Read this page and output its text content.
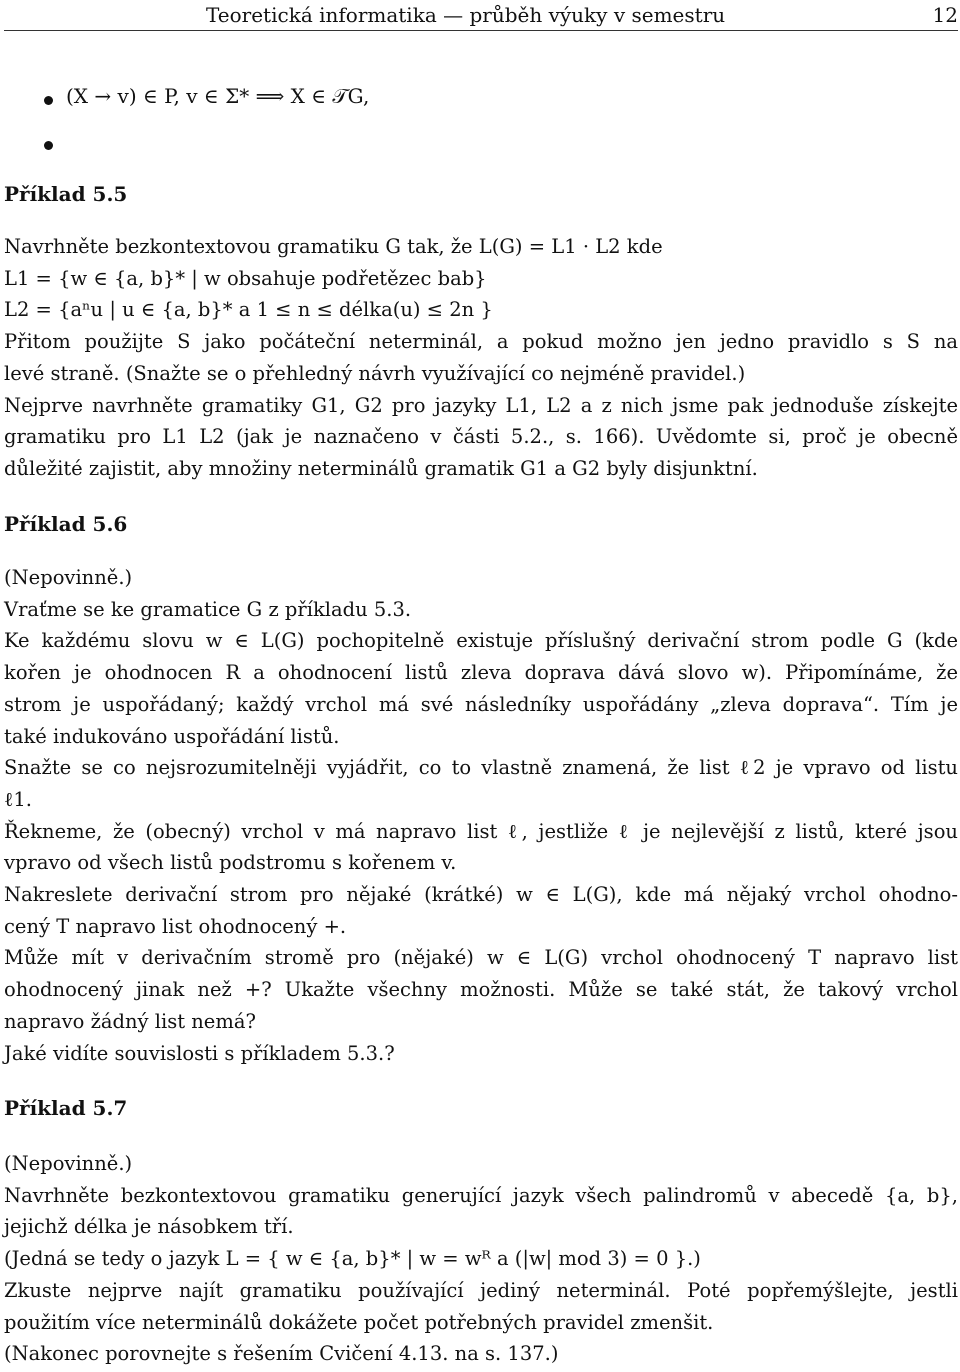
Teoretická informatika — průběh výuky v semestru	12
(X → v) ∈ P, v ∈ Σ* ⟹ X ∈ 𝒯G,
Příklad 5.5
Navrhněte bezkontextovou gramatiku G tak, že L(G) = L1 · L2 kde
L1 = {w ∈ {a, b}* | w obsahuje podřetězec bab}
L2 = {aⁿu | u ∈ {a, b}* a 1 ≤ n ≤ délka(u) ≤ 2n }
Přitom použijte S jako počáteční neterminál, a pokud možno jen jedno pravidlo s S na
levé straně. (Snažte se o přehledný návrh využívající co nejméně pravidel.)
Nejprve navrhněte gramatiky G1, G2 pro jazyky L1, L2 a z nich jsme pak jednoduše získejte
gramatiku pro L1 L2 (jak je naznačeno v části 5.2., s. 166). Uvědomte si, proč je obecně
důležité zajistit, aby množiny neterminálů gramatik G1 a G2 byly disjunktní.
Příklad 5.6
(Nepovinně.)
Vraťme se ke gramatice G z příkladu 5.3.
Ke každému slovu w ∈ L(G) pochopitelně existuje příslušný derivační strom podle G (kde
kořen je ohodnocen R a ohodnocení listů zleva doprava dává slovo w). Připomínáme, že
strom je uspořádaný; každý vrchol má své následníky uspořádány „zleva doprava“. Tím je
také indukováno uspořádání listů.
Snažte se co nejsrozumitelněji vyjádřit, co to vlastně znamená, že list ℓ2 je vpravo od listu
ℓ1.
Řekneme, že (obecný) vrchol v má napravo list ℓ, jestliže ℓ je nejlevější z listů, které jsou
vpravo od všech listů podstromu s kořenem v.
Nakreslete derivační strom pro nějaké (krátké) w ∈ L(G), kde má nějaký vrchol ohodno-
cený T napravo list ohodnocený +.
Může mít v derivačním stromě pro (nějaké) w ∈ L(G) vrchol ohodnocený T napravo list
ohodnocený jinak než +? Ukažte všechny možnosti. Může se také stát, že takový vrchol
napravo žádný list nemá?
Jaké vidíte souvislosti s příkladem 5.3.?
Příklad 5.7
(Nepovinně.)
Navrhněte bezkontextovou gramatiku generující jazyk všech palindromů v abecedě {a, b},
jejichž délka je násobkem tří.
(Jedná se tedy o jazyk L = { w ∈ {a, b}* | w = wᴿ a (|w| mod 3) = 0 }.)
Zkuste nejprve najít gramatiku používající jediný neterminál. Poté popřemýšlejte, jestli
použitím více neterminálů dokážete počet potřebných pravidel zmenšit.
(Nakonec porovnejte s řešením Cvičení 4.13. na s. 137.)
